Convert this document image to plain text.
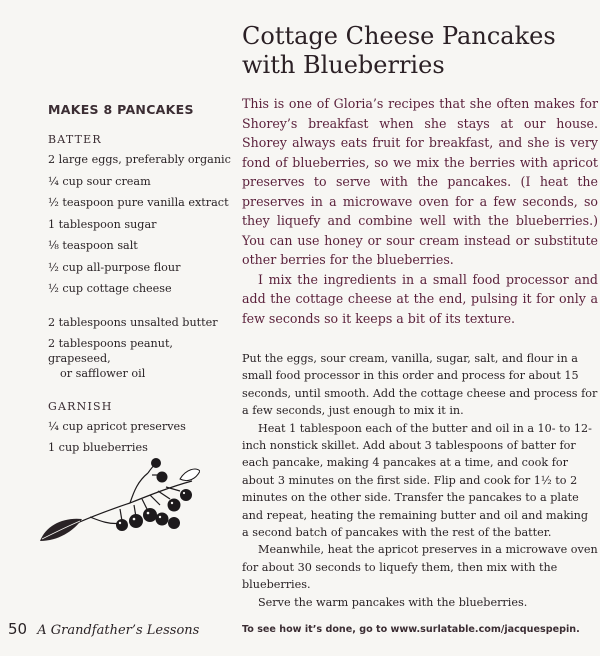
MAKES 8 PANCAKES
BATTER
2 large eggs, preferably organic
¼ cup sour cream
½ teaspoon pure vanilla extract
1 tablespoon sugar
⅛ teaspoon salt
½ cup all-purpose flour
½ cup cottage cheese
2 tablespoons unsalted butter
2 tablespoons peanut, grapeseed,
or safflower oil
GARNISH
¼ cup apricot preserves
1 cup blueberries
Cottage Cheese Pancakes
with Blueberries

This is one of Gloria’s recipes that she often makes for Shorey’s breakfast when she stays at our house. Shorey always eats fruit for breakfast, and she is very fond of blueberries, so we mix the berries with apricot preserves to serve with the pancakes. (I heat the preserves in a microwave oven for a few seconds, so they liquefy and combine well with the blueberries.) You can use honey or sour cream instead or substitute other berries for the blueberries.

I mix the ingredients in a small food processor and add the cottage cheese at the end, pulsing it for only a few seconds so it keeps a bit of its texture.

Put the eggs, sour cream, vanilla, sugar, salt, and flour in a small food processor in this order and process for about 15 seconds, until smooth. Add the cottage cheese and process for a few seconds, just enough to mix it in.

Heat 1 tablespoon each of the butter and oil in a 10- to 12-inch nonstick skillet. Add about 3 tablespoons of batter for each pancake, making 4 pancakes at a time, and cook for about 3 minutes on the first side. Flip and cook for 1½ to 2 minutes on the other side. Transfer the pancakes to a plate and repeat, heating the remaining butter and oil and making a second batch of pancakes with the rest of the batter.

Meanwhile, heat the apricot preserves in a microwave oven for about 30 seconds to liquefy them, then mix with the blueberries.

Serve the warm pancakes with the blueberries.

To see how it’s done, go to www.surlatable.com/jacquespepin.
50 A Grandfather’s Lessons
